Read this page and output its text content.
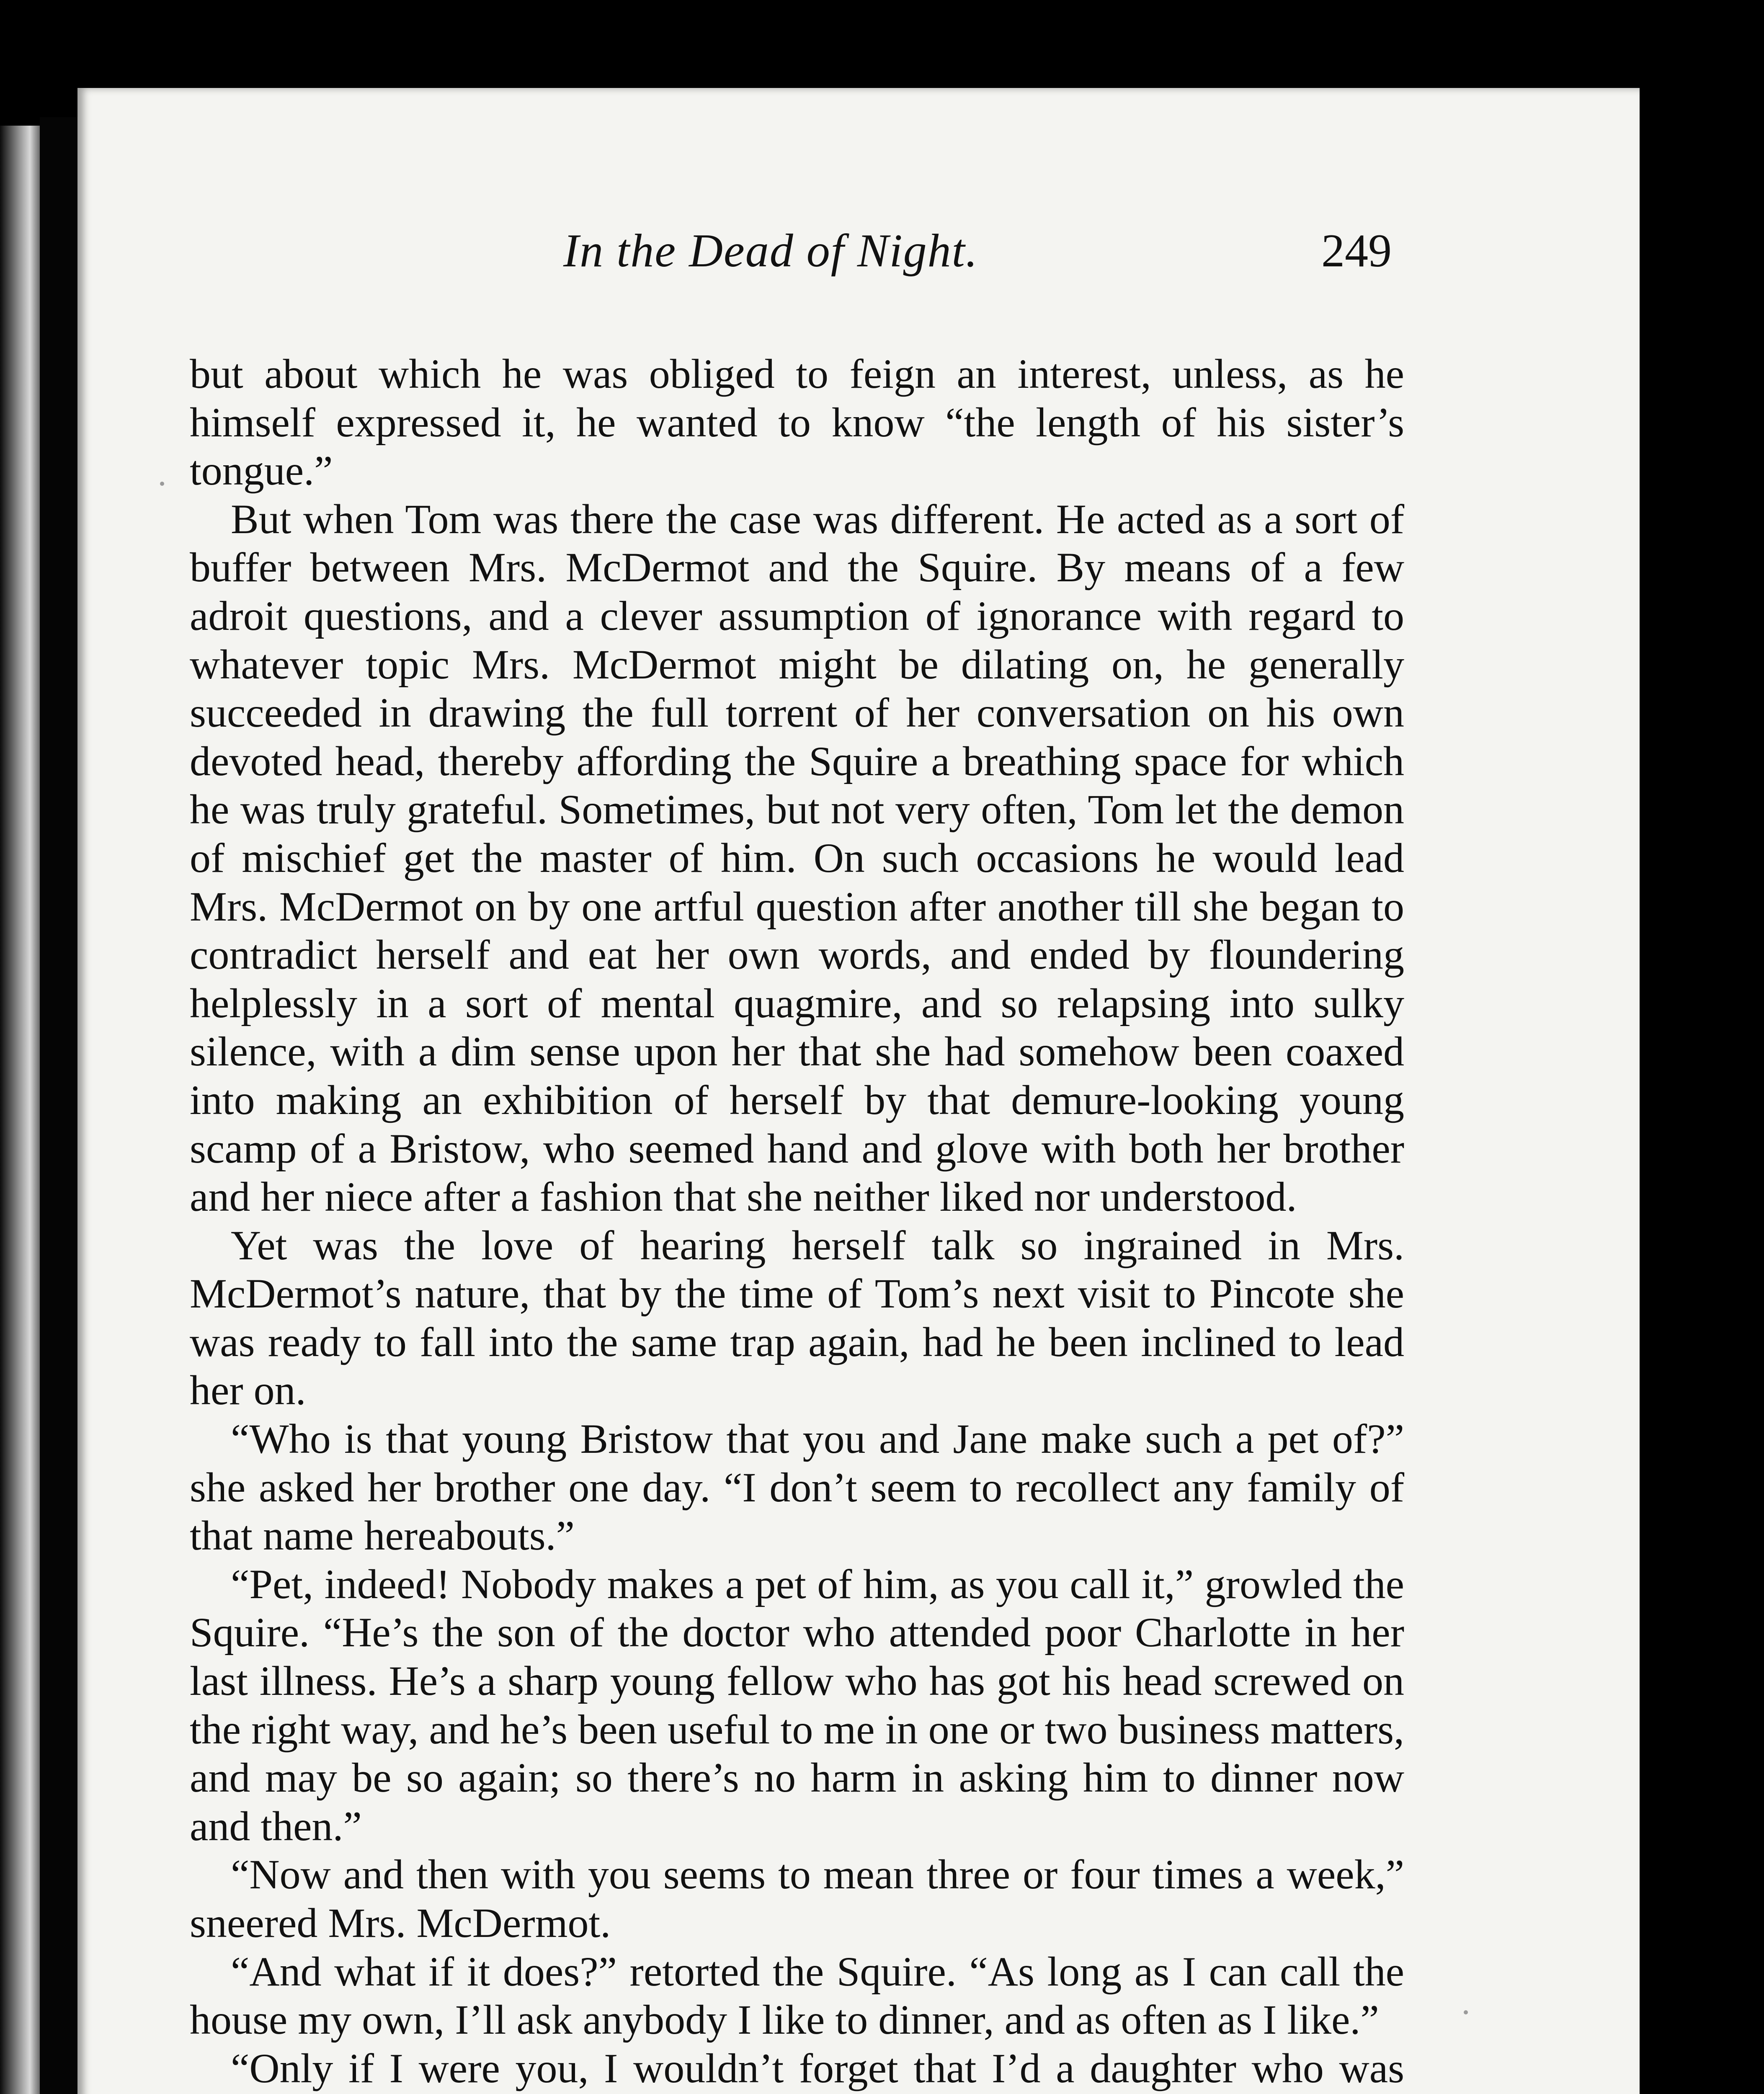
In the Dead of Night.	249

but about which he was obliged to feign an interest, unless, as he himself expressed it, he wanted to know “the length of his sister’s tongue.”

But when Tom was there the case was different. He acted as a sort of buffer between Mrs. McDermot and the Squire. By means of a few adroit questions, and a clever assumption of ignorance with regard to whatever topic Mrs. McDermot might be dilating on, he generally succeeded in drawing the full torrent of her conversation on his own devoted head, thereby affording the Squire a breathing space for which he was truly grateful. Sometimes, but not very often, Tom let the demon of mischief get the master of him. On such occasions he would lead Mrs. McDermot on by one artful question after another till she began to contradict herself and eat her own words, and ended by floundering helplessly in a sort of mental quagmire, and so relapsing into sulky silence, with a dim sense upon her that she had somehow been coaxed into making an exhibition of herself by that demure-looking young scamp of a Bristow, who seemed hand and glove with both her brother and her niece after a fashion that she neither liked nor understood.

Yet was the love of hearing herself talk so ingrained in Mrs. McDermot’s nature, that by the time of Tom’s next visit to Pincote she was ready to fall into the same trap again, had he been inclined to lead her on.

“Who is that young Bristow that you and Jane make such a pet of?” she asked her brother one day. “I don’t seem to recollect any family of that name hereabouts.”

“Pet, indeed! Nobody makes a pet of him, as you call it,” growled the Squire. “He’s the son of the doctor who attended poor Charlotte in her last illness. He’s a sharp young fellow who has got his head screwed on the right way, and he’s been useful to me in one or two business matters, and may be so again; so there’s no harm in asking him to dinner now and then.”

“Now and then with you seems to mean three or four times a week,” sneered Mrs. McDermot.

“And what if it does?” retorted the Squire. “As long as I can call the house my own, I’ll ask anybody I like to dinner, and as often as I like.”

“Only if I were you, I wouldn’t forget that I’d a daughter who was
